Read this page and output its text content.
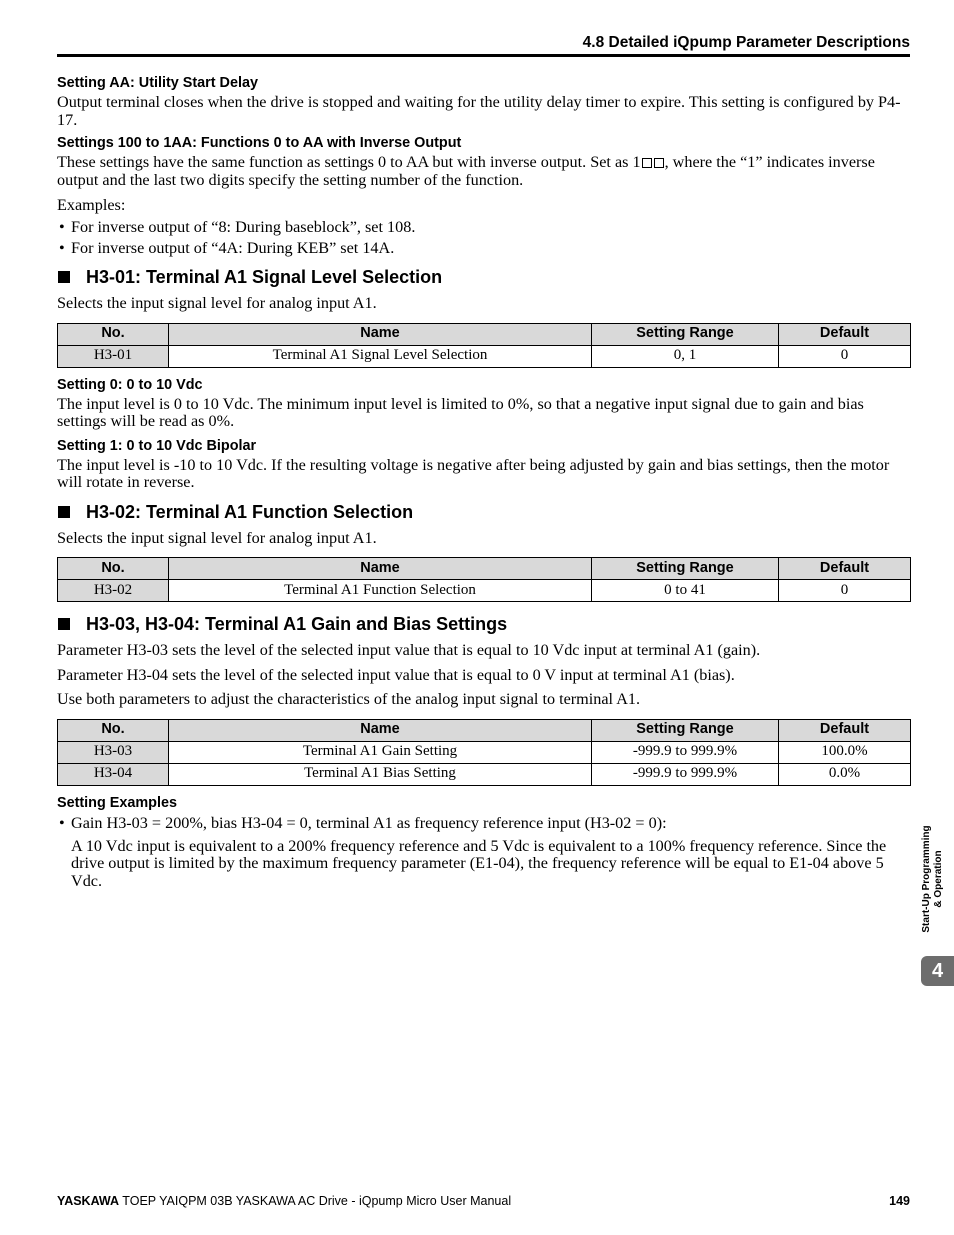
4.8 Detailed iQpump Parameter Descriptions

Setting AA: Utility Start Delay

Output terminal closes when the drive is stopped and waiting for the utility delay timer to expire. This setting is configured by P4-17.

Settings 100 to 1AA: Functions 0 to AA with Inverse Output

These settings have the same function as settings 0 to AA but with inverse output. Set as 1 , where the “1” indicates inverse output and the last two digits specify the setting number of the function.

Examples:

• For inverse output of “8: During baseblock”, set 108.
• For inverse output of “4A: During KEB” set 14A.
H3-01: Terminal A1 Signal Level Selection

Selects the input signal level for analog input A1.

No.	Name	Setting Range	Default
H3-01	Terminal A1 Signal Level Selection	0, 1	0

Setting 0: 0 to 10 Vdc

The input level is 0 to 10 Vdc. The minimum input level is limited to 0%, so that a negative input signal due to gain and bias settings will be read as 0%.

Setting 1: 0 to 10 Vdc Bipolar

The input level is -10 to 10 Vdc. If the resulting voltage is negative after being adjusted by gain and bias settings, then the motor will rotate in reverse.

H3-02: Terminal A1 Function Selection

Selects the input signal level for analog input A1.

No.	Name	Setting Range	Default
H3-02	Terminal A1 Function Selection	0 to 41	0
H3-03, H3-04: Terminal A1 Gain and Bias Settings

Parameter H3-03 sets the level of the selected input value that is equal to 10 Vdc input at terminal A1 (gain).

Parameter H3-04 sets the level of the selected input value that is equal to 0 V input at terminal A1 (bias).

Use both parameters to adjust the characteristics of the analog input signal to terminal A1.

No.	Name	Setting Range	Default
H3-03	Terminal A1 Gain Setting	-999.9 to 999.9%	100.0%
H3-04	Terminal A1 Bias Setting	-999.9 to 999.9%	0.0%

Setting Examples

• Gain H3-03 = 200%, bias H3-04 = 0, terminal A1 as frequency reference input (H3-02 = 0):

A 10 Vdc input is equivalent to a 200% frequency reference and 5 Vdc is equivalent to a 100% frequency reference. Since the drive output is limited by the maximum frequency parameter (E1-04), the frequency reference will be equal to E1-04 above 5 Vdc.	Start-Up Programming & Operation
4
YASKAWA TOEP YAIQPM 03B YASKAWA AC Drive - iQpump Micro User Manual	149
